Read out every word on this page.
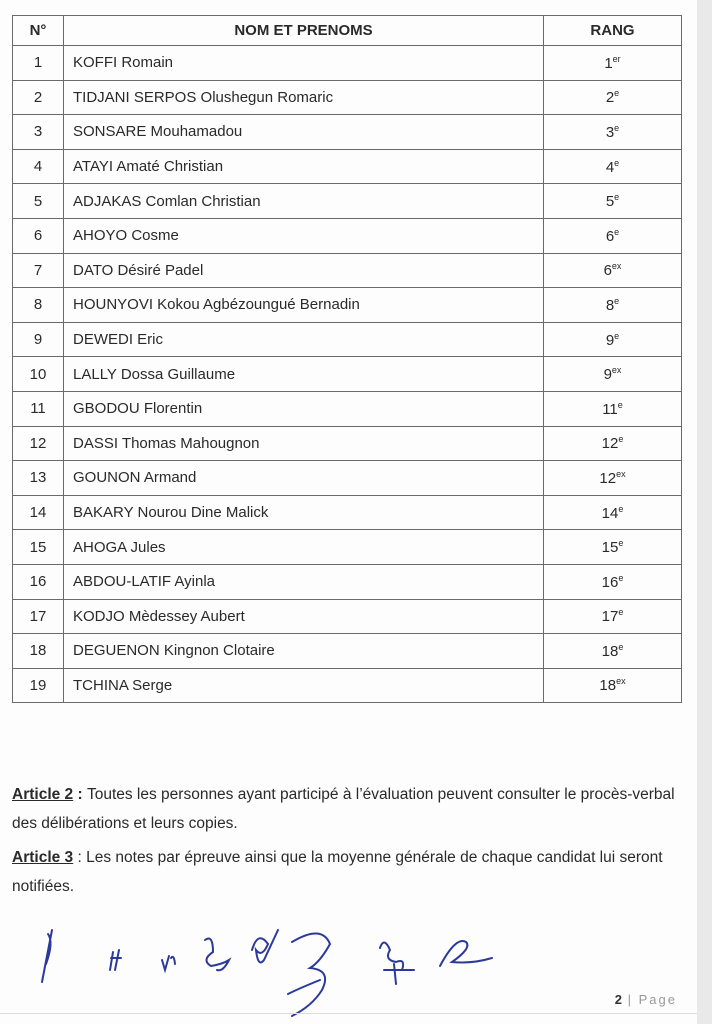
N°	NOM ET PRENOMS	RANG
1	KOFFI Romain	1er
2	TIDJANI SERPOS Olushegun Romaric	2e
3	SONSARE Mouhamadou	3e
4	ATAYI Amaté Christian	4e
5	ADJAKAS Comlan Christian	5e
6	AHOYO Cosme	6e
7	DATO Désiré Padel	$6^{ex}$
8	HOUNYOVI Kokou Agbézoungué Bernadin	8e
9	DEWEDI Eric	9e
10	LALLY Dossa Guillaume	$9^{ex}$
11	GBODOU Florentin	11e
12	DASSI Thomas Mahougnon	12e
13	GOUNON Armand	$12^{ex}$
14	BAKARY Nourou Dine Malick	14e
15	AHOGA Jules	15e
16	ABDOU-LATIF Ayinla	16e
17	KODJO Mèdessey Aubert	17e
18	DEGUENON Kingnon Clotaire	18e
19	TCHINA Serge	$18^{ex}$
Article 2 : Toutes les personnes ayant participé à l’évaluation peuvent consulter le procès-verbal des délibérations et leurs copies.
Article 3 : Les notes par épreuve ainsi que la moyenne générale de chaque candidat lui seront notifiées.
2 | Page
